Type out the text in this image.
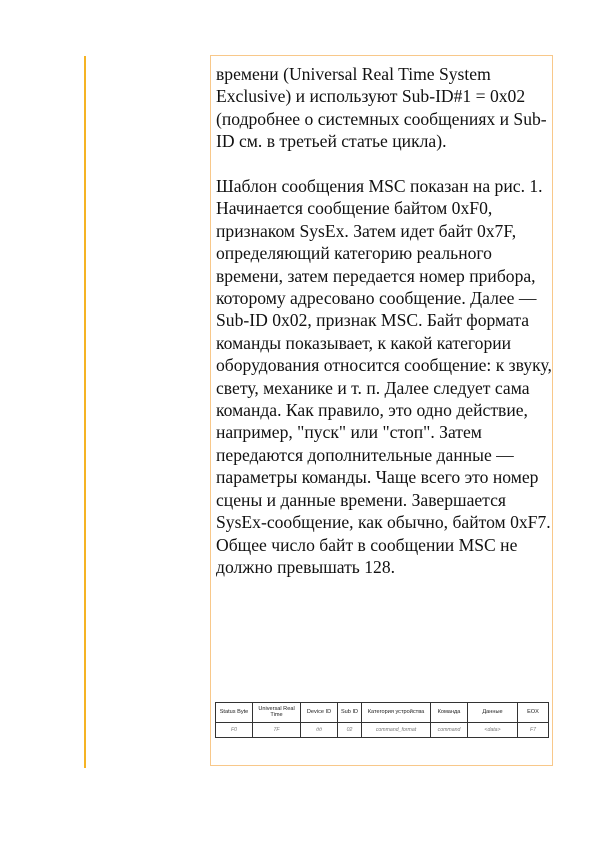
времени (Universal Real Time System Exclusive) и используют Sub-ID#1 = 0x02 (подробнее о системных сообщениях и Sub-ID см. в третьей статье цикла).

Шаблон сообщения MSC показан на рис. 1. Начинается сообщение байтом 0xF0, признаком SysEx. Затем идет байт 0x7F, определяющий категорию реального времени, затем передается номер прибора, которому адресовано сообщение. Далее — Sub-ID 0x02, признак MSC. Байт формата команды показывает, к какой категории оборудования относится сообщение: к звуку, свету, механике и т. п. Далее следует сама команда. Как правило, это одно действие, например, "пуск" или "стоп". Затем передаются дополнительные данные — параметры команды. Чаще всего это номер сцены и данные времени. Завершается SysEx-сообщение, как обычно, байтом 0xF7. Общее число байт в сообщении MSC не должно превышать 128.

Status Byte	Universal Real Time	Device ID	Sub ID	Категория устройства	Команда	Данные	EOX
F0	7F	дд	02	command_format	command	<data>	F7
